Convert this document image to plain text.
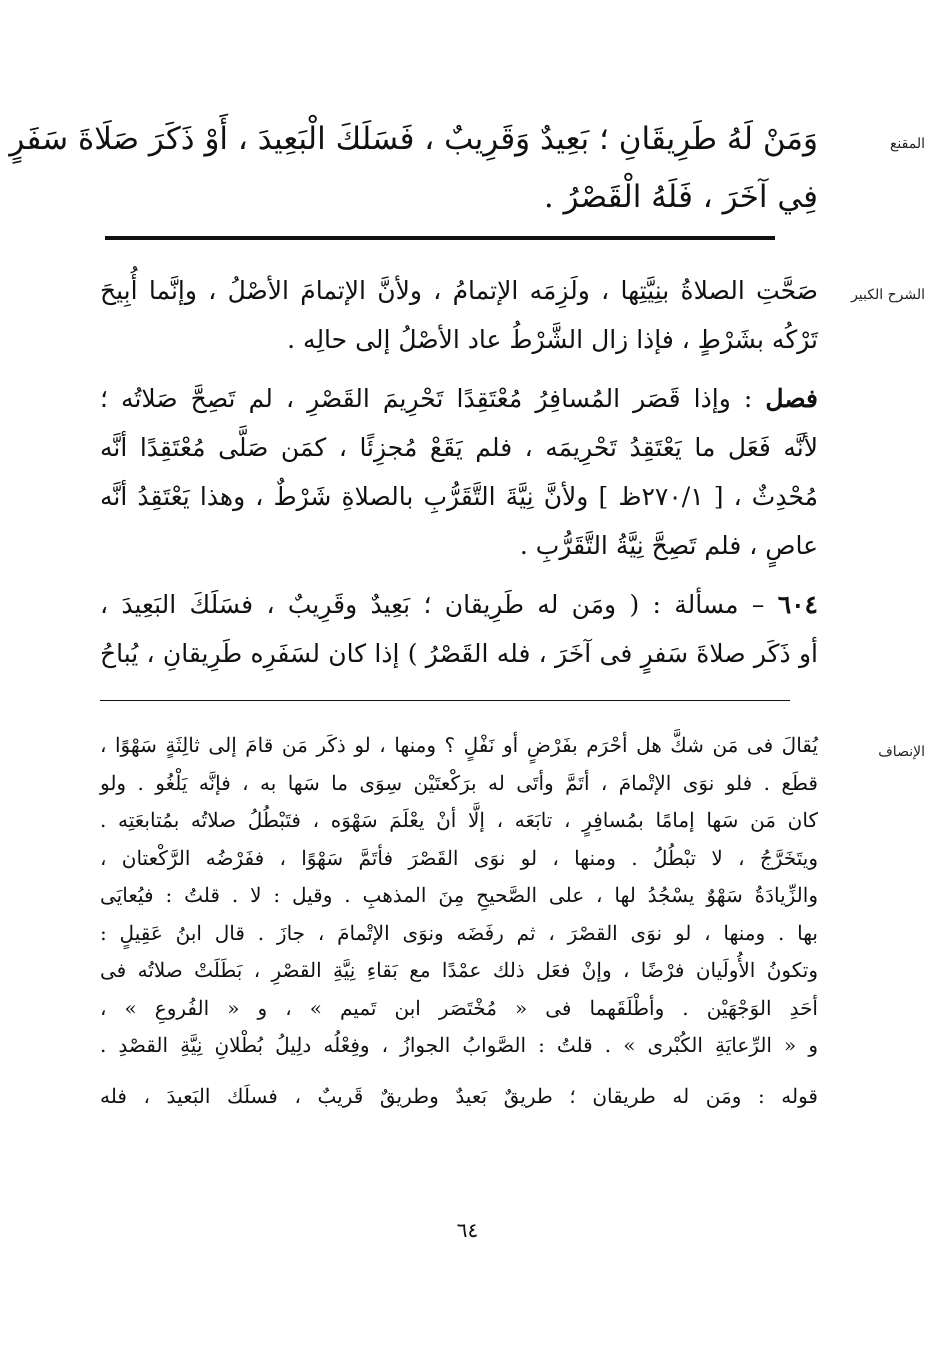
المقنع
وَمَنْ لَهُ طَرِيقَانِ ؛ بَعِيدٌ وَقَرِيبٌ ، فَسَلَكَ الْبَعِيدَ ، أَوْ ذَكَرَ صَلَاةَ سَفَرٍ
فِي آخَرَ ، فَلَهُ الْقَصْرُ .
الشرح الكبير
صَحَّتِ الصلاةُ بنِيَّتِها ، ولَزِمَه الإتمامُ ، ولأنَّ الإتمامَ الأصْلُ ، وإنَّما أُبِيحَ
تَرْكُه بشَرْطٍ ، فإذا زال الشَّرْطُ عاد الأصْلُ إلى حالِه .
فصل : وإذا قَصَر المُسافِرُ مُعْتَقِدًا تَحْرِيمَ القَصْرِ ، لم تَصِحَّ صَلاتُه ؛
لأنَّه فَعَل ما يَعْتَقِدُ تَحْرِيمَه ، فلم يَقَعْ مُجزِئًا ، كمَن صَلَّى مُعْتَقِدًا أنَّه
مُحْدِثٌ ، [ ٢٧٠/١ظ ] ولأنَّ نِيَّةَ التَّقَرُّبِ بالصلاةِ شَرْطٌ ، وهذا يَعْتَقِدُ أنَّه
عاصٍ ، فلم تَصِحَّ نِيَّةُ التَّقَرُّبِ .
٦٠٤ – مسألة : ( ومَن له طَرِيقان ؛ بَعِيدٌ وقَرِيبٌ ، فسَلَكَ البَعِيدَ ،
أو ذَكَر صلاةَ سَفرٍ فى آخَرَ ، فله القَصْرُ ) إذا كان لسَفَرِه طَرِيقانِ ، يُباحُ
الإنصاف
يُقالَ فى مَن شكَّ هل أحْرَم بفَرْضٍ أو نَفْلٍ ؟ ومنها ، لو ذكَر مَن قامَ إلى ثالِثَةٍ سَهْوًا ،
قطَع . فلو نوَى الإتْمامَ ، أتَمَّ وأتَى له برَكْعتَيْن سِوَى ما سَها به ، فإنَّه يَلْغُو . ولو
كان مَن سَها إمامًا بمُسافِرٍ ، تابَعَه ، إلَّا أنْ يعْلَمَ سَهْوَه ، فتَبْطُلُ صلاتُه بمُتابعَتِه .
ويتَخَرَّجُ ، لا تبْطُلُ . ومنها ، لو نوَى القَصْرَ فأتَمَّ سَهْوًا ، ففَرْضُه الرَّكْعتان ،
والزِّيادَةُ سَهْوٌ يسْجُدُ لها ، على الصَّحيحِ مِنَ المذهبِ . وقيل : لا . قلتُ : فيُعايَى
بها . ومنها ، لو نوَى القصْرَ ، ثم رفَضَه ونوَى الإتْمامَ ، جازَ . قال ابنُ عَقِيلٍ :
وتكونُ الأُولَيان فرْضًا ، وإنْ فعَل ذلك عمْدًا مع بَقاءِ نِيَّةِ القصْرِ ، بَطَلَتْ صلاتُه فى
أحَدِ الوَجْهَيْن . وأطْلَقَهما فى « مُخْتَصَر ابن تَميم » ، و « الفُروعِ » ،
و « الرِّعايَةِ الكُبْرى » . قلتُ : الصَّوابُ الجوازُ ، وفِعْلُه دلِيلُ بُطْلانِ نِيَّةِ القصْدِ .
قوله : ومَن له طريقان ؛ طريقٌ بَعيدٌ وطريقٌ قَريبٌ ، فسلَك البَعيدَ ، فله
٦٤
